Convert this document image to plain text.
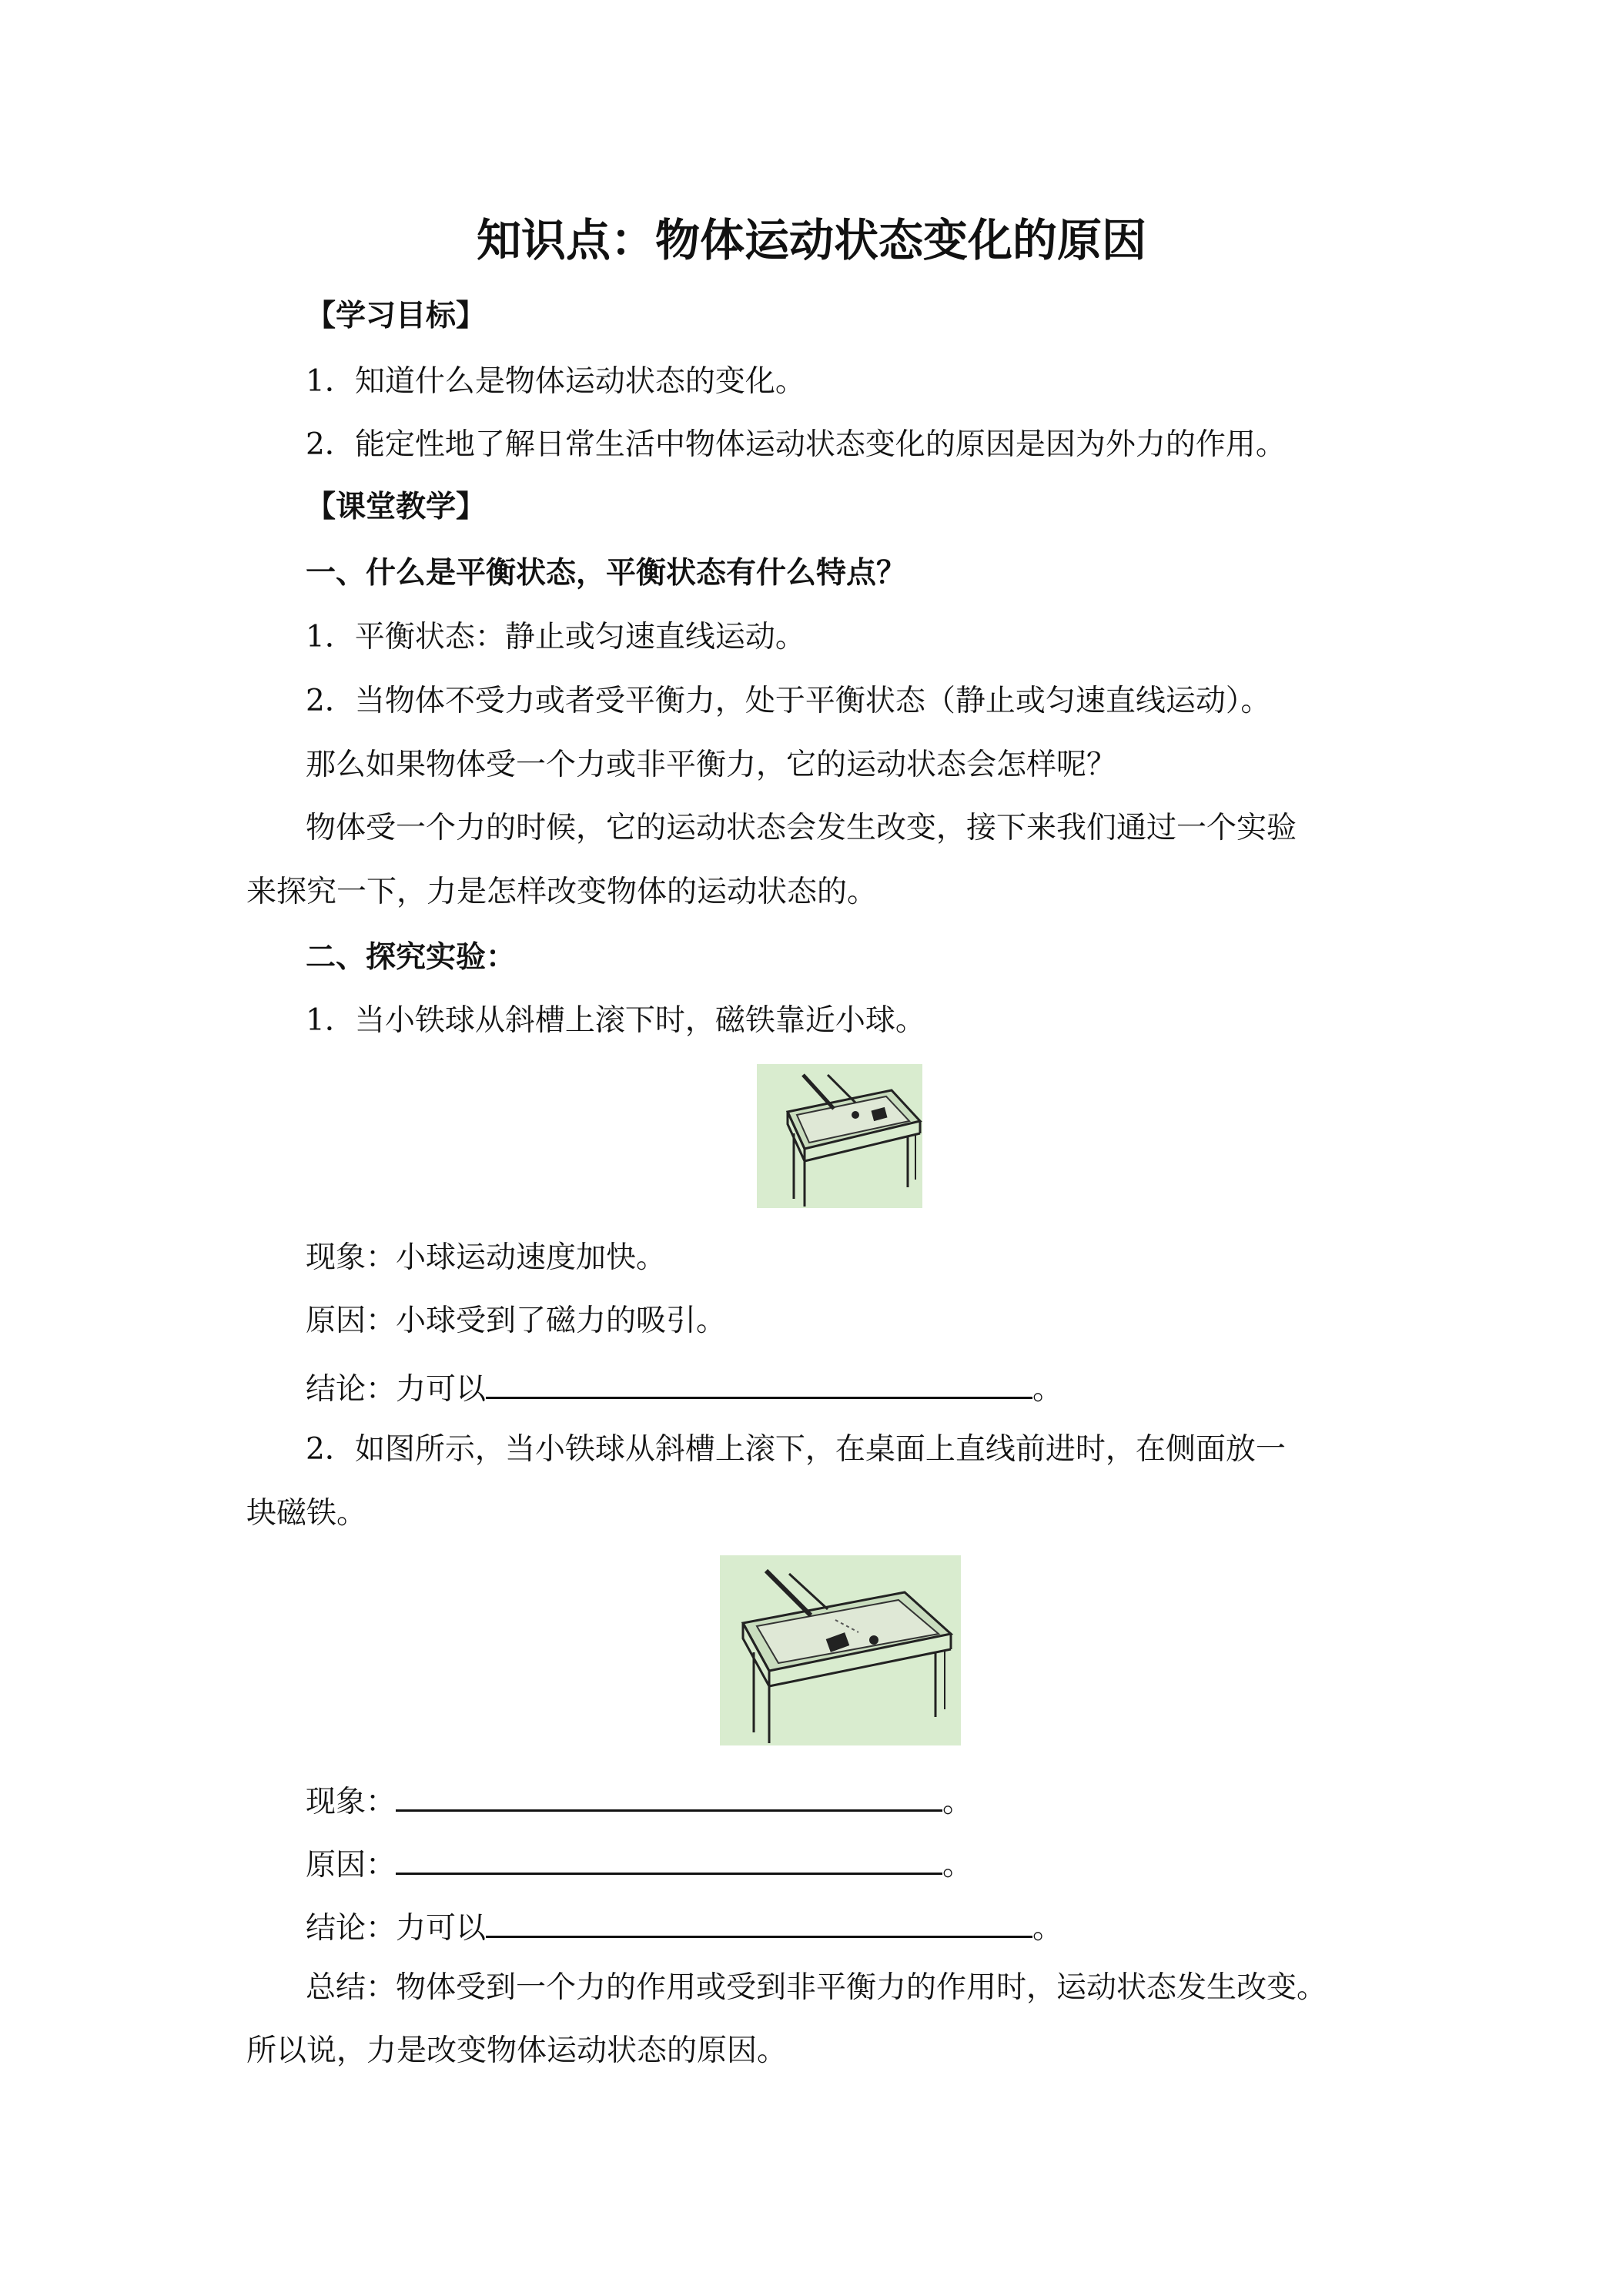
知识点：物体运动状态变化的原因
【学习目标】
1．知道什么是物体运动状态的变化。
2．能定性地了解日常生活中物体运动状态变化的原因是因为外力的作用。
【课堂教学】
一、什么是平衡状态，平衡状态有什么特点？
1．平衡状态：静止或匀速直线运动。
2．当物体不受力或者受平衡力，处于平衡状态（静止或匀速直线运动）。
那么如果物体受一个力或非平衡力，它的运动状态会怎样呢？
物体受一个力的时候，它的运动状态会发生改变，接下来我们通过一个实验
来探究一下，力是怎样改变物体的运动状态的。
二、探究实验：
1．当小铁球从斜槽上滚下时，磁铁靠近小球。
现象：小球运动速度加快。
原因：小球受到了磁力的吸引。
结论：力可以	。
2．如图所示，当小铁球从斜槽上滚下，在桌面上直线前进时，在侧面放一
块磁铁。
现象：	。
原因：	。
结论：力可以	。
总结：物体受到一个力的作用或受到非平衡力的作用时，运动状态发生改变。
所以说，力是改变物体运动状态的原因。
